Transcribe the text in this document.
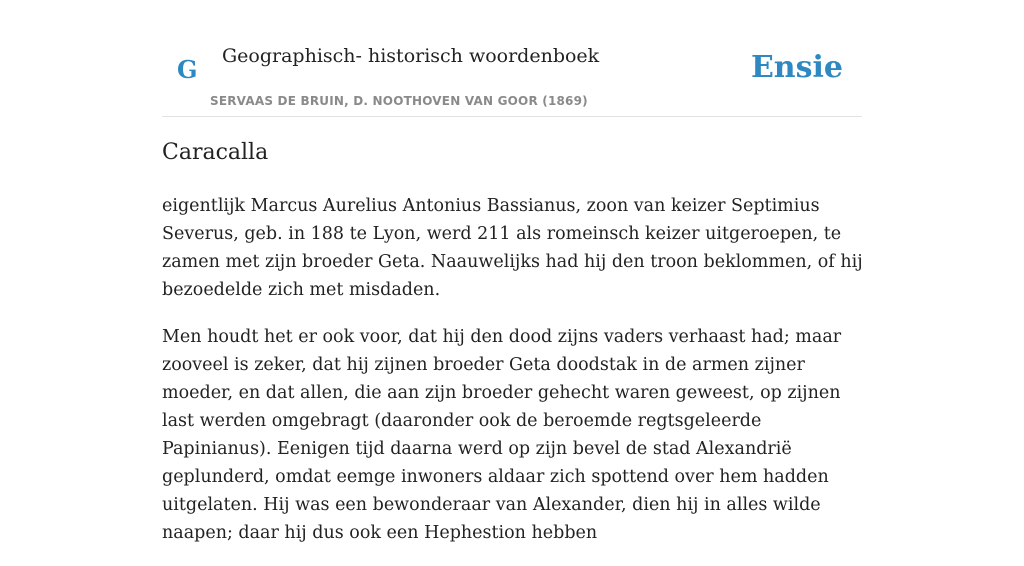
G Geographisch- historisch woordenboek
SERVAAS DE BRUIN, D. NOOTHOVEN VAN GOOR (1869)
Ensie
Caracalla

eigentlijk Marcus Aurelius Antonius Bassianus, zoon van keizer Septimius Severus, geb. in 188 te Lyon, werd 211 als romeinsch keizer uitgeroepen, te zamen met zijn broeder Geta. Naauwelijks had hij den troon beklommen, of hij bezoedelde zich met misdaden.

Men houdt het er ook voor, dat hij den dood zijns vaders verhaast had; maar zooveel is zeker, dat hij zijnen broeder Geta doodstak in de armen zijner moeder, en dat allen, die aan zijn broeder gehecht waren geweest, op zijnen last werden omgebragt (daaronder ook de beroemde regtsgeleerde Papinianus). Eenigen tijd daarna werd op zijn bevel de stad Alexandrië geplunderd, omdat eemge inwoners aldaar zich spottend over hem hadden uitgelaten. Hij was een bewonderaar van Alexander, dien hij in alles wilde naapen; daar hij dus ook een Hephestion hebben
